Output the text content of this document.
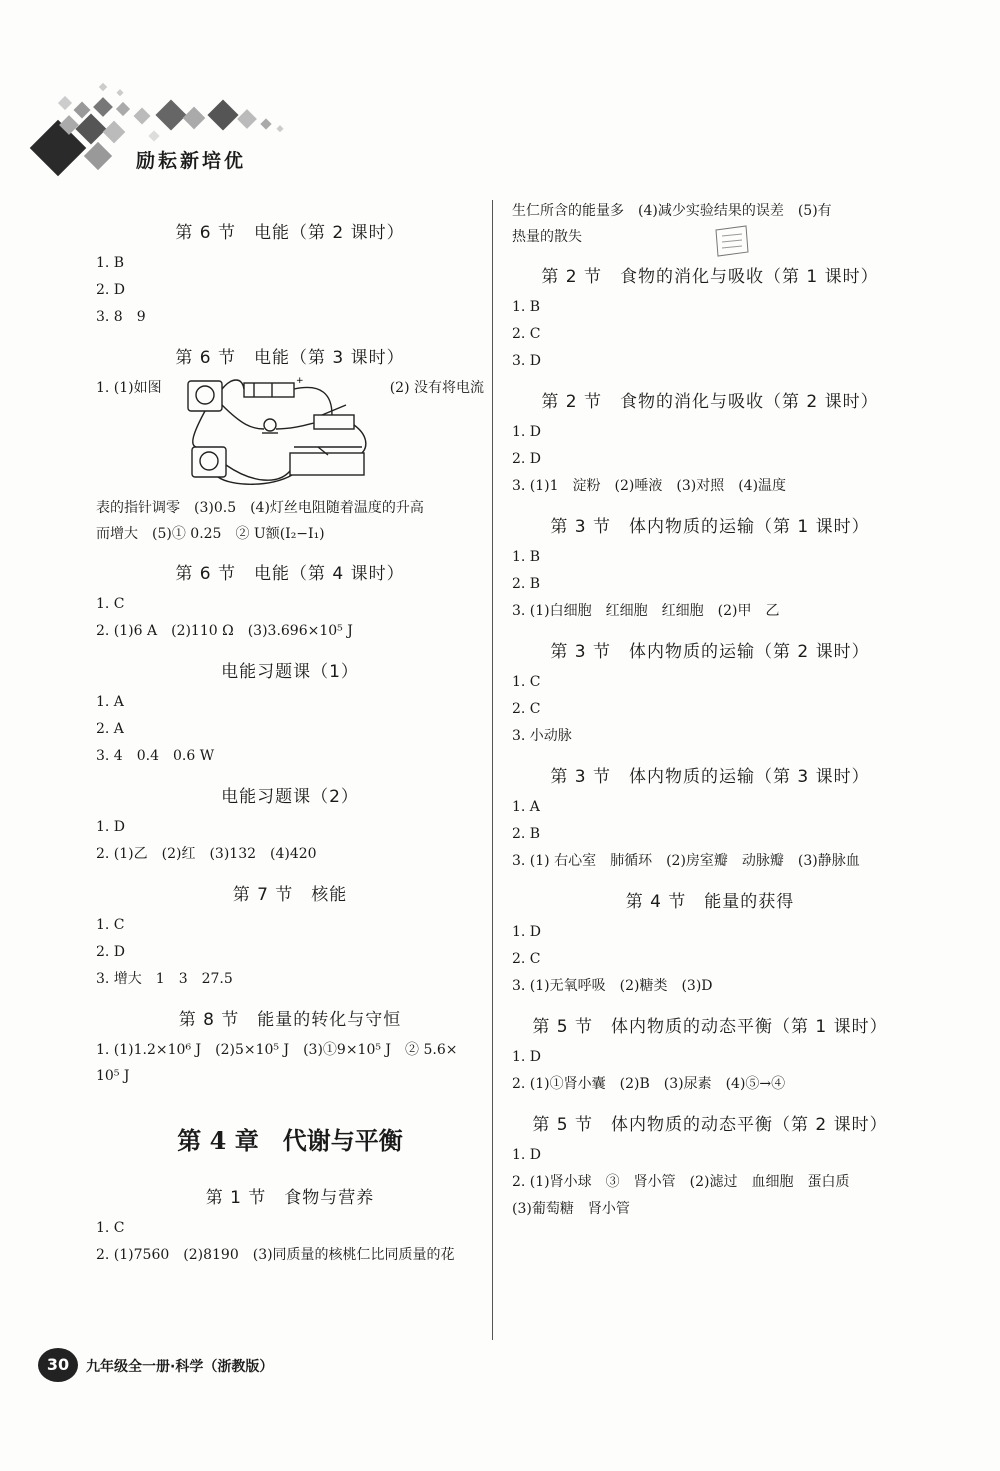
励耘新培优
第 6 节　电能（第 2 课时）
1. B
2. D
3. 8　9
第 6 节　电能（第 3 课时）
1. (1)如图	+	(2) 没有将电流
表的指针调零　(3)0.5　(4)灯丝电阻随着温度的升高
而增大　(5)① 0.25　② U额(I₂−I₁)
第 6 节　电能（第 4 课时）
1. C
2. (1)6 A　(2)110 Ω　(3)3.696×10⁵ J
电能习题课（1）
1. A
2. A
3. 4　0.4　0.6 W
电能习题课（2）
1. D
2. (1)乙　(2)红　(3)132　(4)420
第 7 节　核能
1. C
2. D
3. 增大　1　3　27.5
第 8 节　能量的转化与守恒
1. (1)1.2×10⁶ J　(2)5×10⁵ J　(3)①9×10⁵ J　② 5.6×
10⁵ J
第 4 章　代谢与平衡
第 1 节　食物与营养
1. C
2. (1)7560　(2)8190　(3)同质量的核桃仁比同质量的花
生仁所含的能量多　(4)减少实验结果的误差　(5)有
热量的散失
第 2 节　食物的消化与吸收（第 1 课时）
1. B
2. C
3. D
第 2 节　食物的消化与吸收（第 2 课时）
1. D
2. D
3. (1)1　淀粉　(2)唾液　(3)对照　(4)温度
第 3 节　体内物质的运输（第 1 课时）
1. B
2. B
3. (1)白细胞　红细胞　红细胞　(2)甲　乙
第 3 节　体内物质的运输（第 2 课时）
1. C
2. C
3. 小动脉
第 3 节　体内物质的运输（第 3 课时）
1. A
2. B
3. (1) 右心室　肺循环　(2)房室瓣　动脉瓣　(3)静脉血
第 4 节　能量的获得
1. D
2. C
3. (1)无氧呼吸　(2)糖类　(3)D
第 5 节　体内物质的动态平衡（第 1 课时）
1. D
2. (1)①肾小囊　(2)B　(3)尿素　(4)⑤→④
第 5 节　体内物质的动态平衡（第 2 课时）
1. D
2. (1)肾小球　③　肾小管　(2)滤过　血细胞　蛋白质
(3)葡萄糖　肾小管
30	九年级全一册·科学（浙教版）
